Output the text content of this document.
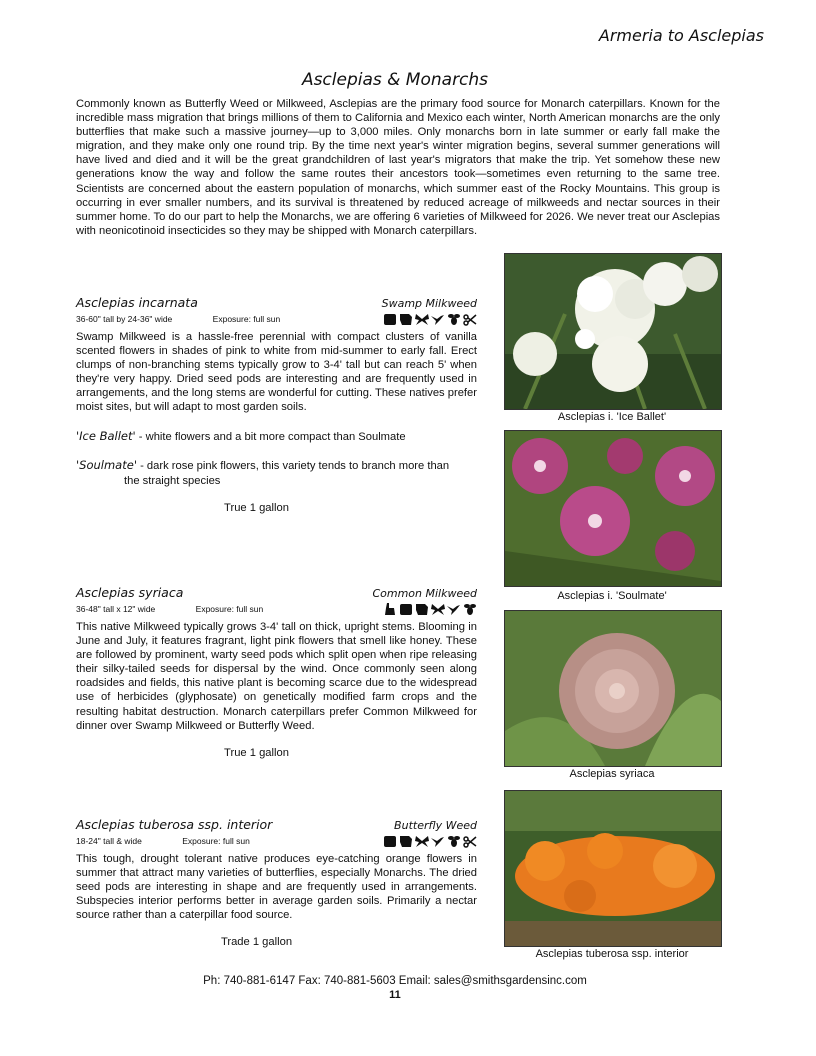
Armeria to Asclepias
Asclepias & Monarchs

Commonly known as Butterfly Weed or Milkweed, Asclepias are the primary food source for Monarch caterpillars. Known for the incredible mass migration that brings millions of them to California and Mexico each winter, North American monarchs are the only butterflies that make such a massive journey—up to 3,000 miles. Only monarchs born in late summer or early fall make the migration, and they make only one round trip. By the time next year's winter migration begins, several summer generations will have lived and died and it will be the great grandchildren of last year's migrators that make the trip. Yet somehow these new generations know the way and follow the same routes their ancestors took—sometimes even returning to the same tree. Scientists are concerned about the eastern population of monarchs, which summer east of the Rocky Mountains. This group is occurring in ever smaller numbers, and its survival is threatened by reduced acreage of milkweeds and nectar sources in their summer home. To do our part to help the Monarchs, we are offering 6 varieties of Milkweed for 2026. We never treat our Asclepias with neonicotinoid insecticides so they may be shipped with Monarch caterpillars.

Asclepias incarnata	Swamp Milkweed
36-60" tall by 24-36" wide	Exposure: full sun

Swamp Milkweed is a hassle-free perennial with compact clusters of vanilla scented flowers in shades of pink to white from mid-summer to early fall. Erect clumps of non-branching stems typically grow to 3-4' tall but can reach 5' when they're very happy. Dried seed pods are interesting and are frequently used in arrangements, and the long stems are wonderful for cutting. These natives prefer moist sites, but will adapt to most garden soils.

'Ice Ballet' - white flowers and a bit more compact than Soulmate
'Soulmate' - dark rose pink flowers, this variety tends to branch more than
the straight species
True 1 gallon
Asclepias syriaca	Common Milkweed
36-48" tall x 12" wide	Exposure: full sun

This native Milkweed typically grows 3-4' tall on thick, upright stems. Blooming in June and July, it features fragrant, light pink flowers that smell like honey. These are followed by prominent, warty seed pods which split open when ripe releasing their silky-tailed seeds for dispersal by the wind. Once commonly seen along roadsides and fields, this native plant is becoming scarce due to the widespread use of herbicides (glyphosate) on genetically modified farm crops and the resulting habitat destruction. Monarch caterpillars prefer Common Milkweed for dinner over Swamp Milkweed or Butterfly Weed.

True 1 gallon
Asclepias tuberosa ssp. interior	Butterfly Weed
18-24" tall & wide	Exposure: full sun

This tough, drought tolerant native produces eye-catching orange flowers in summer that attract many varieties of butterflies, especially Monarchs. The dried seed pods are interesting in shape and are frequently used in arrangements. Subspecies interior performs better in average garden soils. Primarily a nectar source rather than a caterpillar food source.

Trade 1 gallon
Asclepias i. 'Ice Ballet'
Asclepias i. 'Soulmate'
Asclepias syriaca
Asclepias tuberosa ssp. interior
Ph: 740-881-6147 Fax: 740-881-5603 Email: sales@smithsgardensinc.com
11
